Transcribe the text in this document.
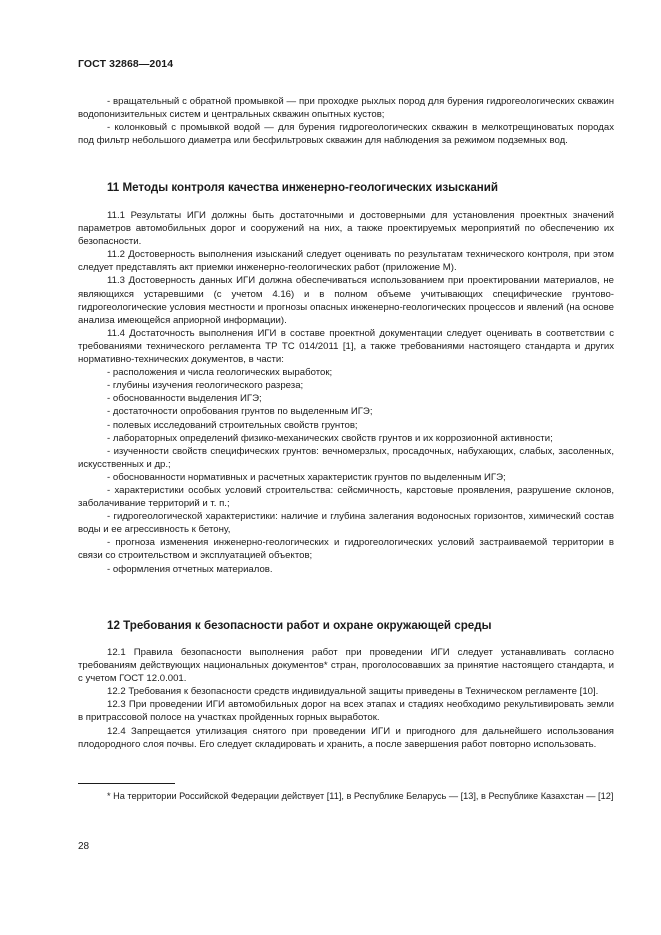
ГОСТ 32868—2014

- вращательный с обратной промывкой — при проходке рыхлых пород для бурения гидрогеологических скважин водопонизительных систем и центральных скважин опытных кустов;

- колонковый с промывкой водой — для бурения гидрогеологических скважин в мелкотрещиноватых породах под фильтр небольшого диаметра или бесфильтровых скважин для наблюдения за режимом подземных вод.

11 Методы контроля качества инженерно-геологических изысканий

11.1 Результаты ИГИ должны быть достаточными и достоверными для установления проектных значений параметров автомобильных дорог и сооружений на них, а также проектируемых мероприятий по обеспечению их безопасности.

11.2 Достоверность выполнения изысканий следует оценивать по результатам технического контроля, при этом следует представлять акт приемки инженерно-геологических работ (приложение М).

11.3 Достоверность данных ИГИ должна обеспечиваться использованием при проектировании материалов, не являющихся устаревшими (с учетом 4.16) и в полном объеме учитывающих специфические грунтово-гидрогеологические условия местности и прогнозы опасных инженерно-геологических процессов и явлений (на основе анализа имеющейся априорной информации).

11.4 Достаточность выполнения ИГИ в составе проектной документации следует оценивать в соответствии с требованиями технического регламента ТР ТС 014/2011 [1], а также требованиями настоящего стандарта и других нормативно-технических документов, в части:

- расположения и числа геологических выработок;

- глубины изучения геологического разреза;

- обоснованности выделения ИГЭ;

- достаточности опробования грунтов по выделенным ИГЭ;

- полевых исследований строительных свойств грунтов;

- лабораторных определений физико-механических свойств грунтов и их коррозионной активности;

- изученности свойств специфических грунтов: вечномерзлых, просадочных, набухающих, слабых, засоленных, искусственных и др.;

- обоснованности нормативных и расчетных характеристик грунтов по выделенным ИГЭ;

- характеристики особых условий строительства: сейсмичность, карстовые проявления, разрушение склонов, заболачивание территорий и т. п.;

- гидрогеологической характеристики: наличие и глубина залегания водоносных горизонтов, химический состав воды и ее агрессивность к бетону,

- прогноза изменения инженерно-геологических и гидрогеологических условий застраиваемой территории в связи со строительством и эксплуатацией объектов;

- оформления отчетных материалов.

12 Требования к безопасности работ и охране окружающей среды

12.1 Правила безопасности выполнения работ при проведении ИГИ следует устанавливать согласно требованиям действующих национальных документов* стран, проголосовавших за принятие настоящего стандарта, и с учетом ГОСТ 12.0.001.

12.2 Требования к безопасности средств индивидуальной защиты приведены в Техническом регламенте [10].

12.3 При проведении ИГИ автомобильных дорог на всех этапах и стадиях необходимо рекультивировать земли в притрассовой полосе на участках пройденных горных выработок.

12.4 Запрещается утилизация снятого при проведении ИГИ и пригодного для дальнейшего использования плодородного слоя почвы. Его следует складировать и хранить, а после завершения работ повторно использовать.

* На территории Российской Федерации действует [11], в Республике Беларусь — [13], в Республике Казахстан — [12]

28
